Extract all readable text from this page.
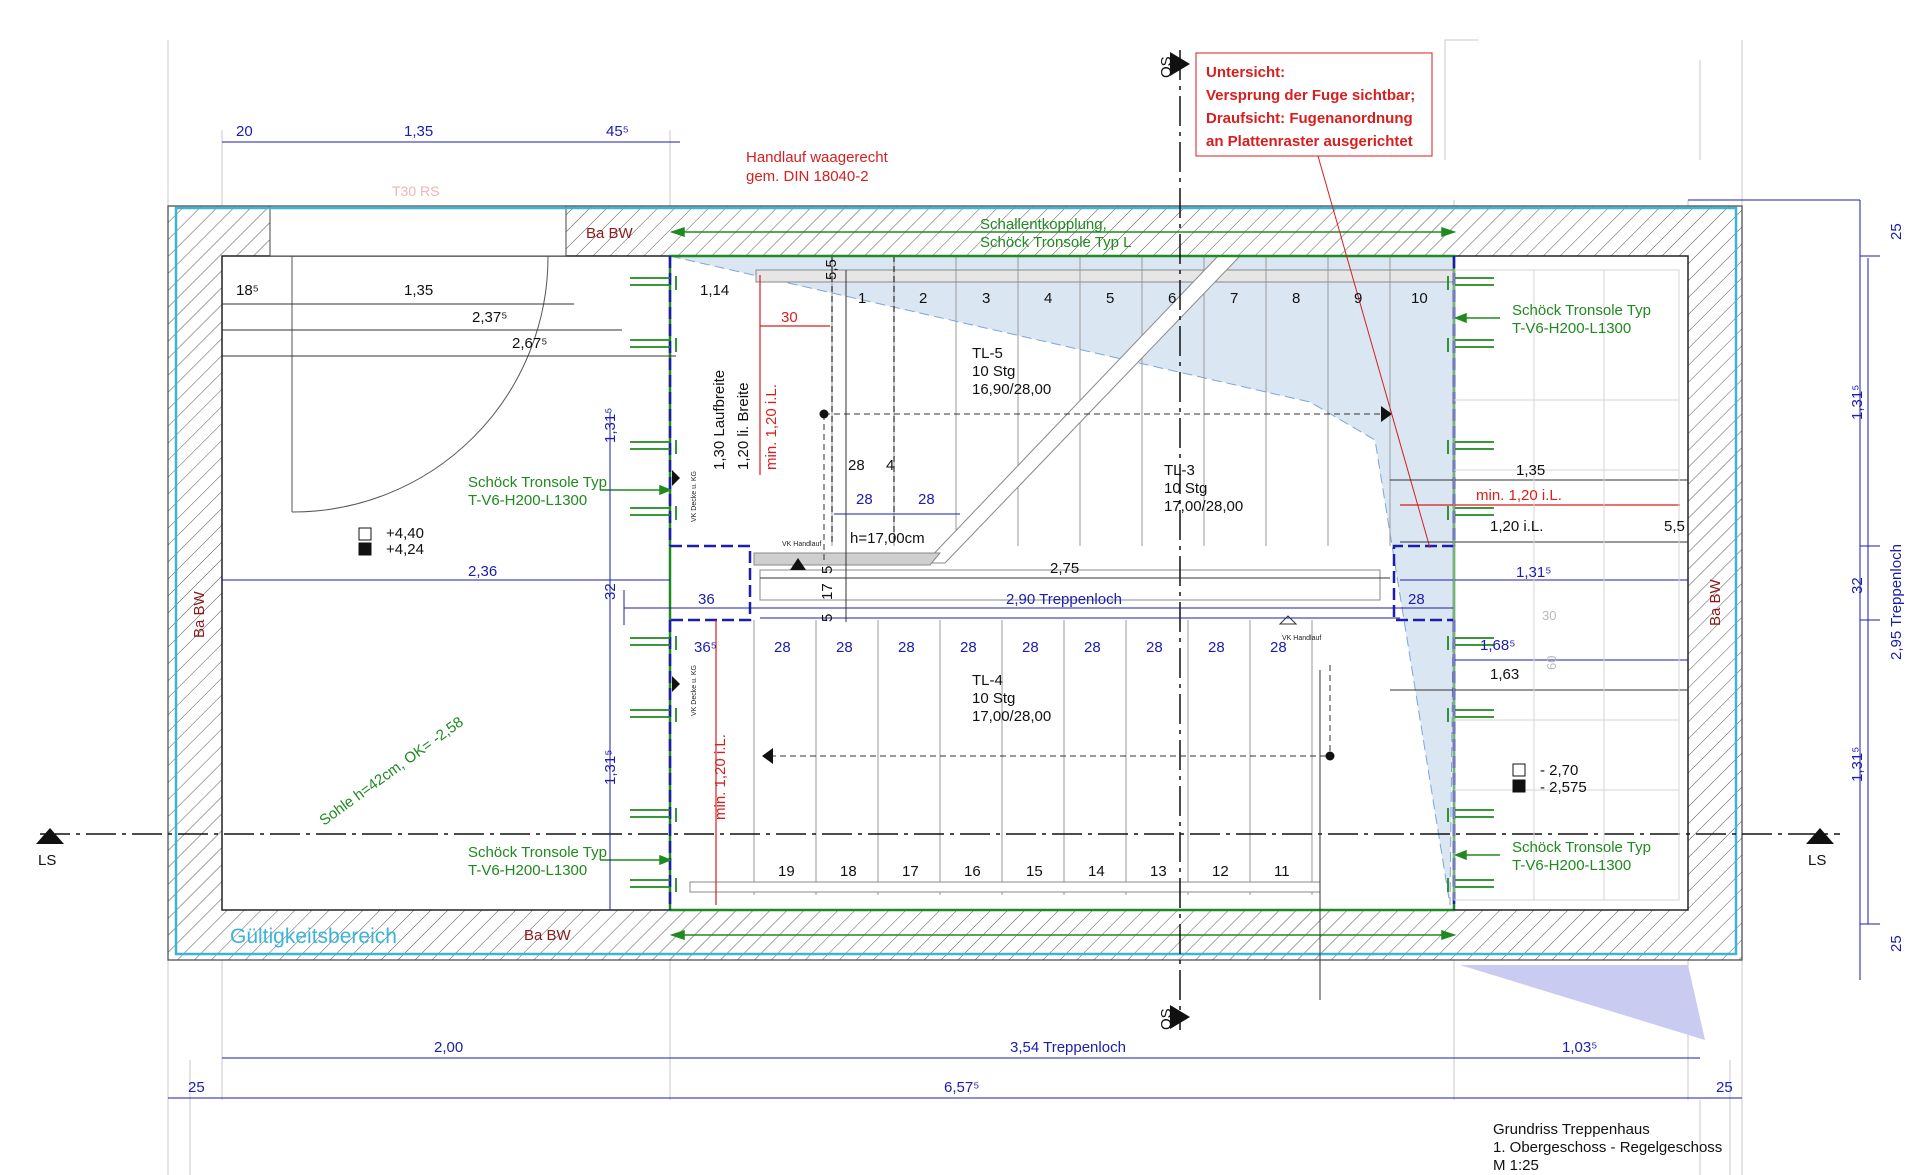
Untersicht:
Versprung der Fuge sichtbar;
Draufsicht: Fugenanordnung
an Plattenraster ausgerichtet
Handlauf waagerecht
gem. DIN 18040-2
T30 RS
Schallentkopplung,
Schöck Tronsole Typ L
Schöck Tronsole Typ
T-V6-H200-L1300
Schöck Tronsole Typ
T-V6-H200-L1300
Schöck Tronsole Typ
T-V6-H200-L1300
Schöck Tronsole Typ
T-V6-H200-L1300
Ba BW
Ba BW
Ba BW	Ba BW
Gültigkeitsbereich
Sohle h=42cm, OK= -2,58
QS
QS
LS	LS
VK Handlauf
VK Handlauf
VK Decke u. KG
VK Decke u. KG
1,30 Laufbreite 1,20 li. Breite min. 1,20 i.L.
min. 1,20 i.L.
h=17,00cm
TL-5
10 Stg
16,90/28,00
TL-3
10 Stg
17,00/28,00
TL-4
10 Stg
17,00/28,00
1	2	3	4	5	6	7	8	9	10
19	18	17	16	15	14	13	12	11
20	1,35	45⁵
18⁵	1,35
2,37⁵
2,67⁵
1,14
30
28 4
28	28
5,5
5
17
5
2,36
36
2,75
2,90 Treppenloch	28
1,31⁵
1,35
min. 1,20 i.L.
1,20 i.L.	5,5
36⁵	28	28	28	28	28	28	28	28	28	1,68⁵
1,63
30
60
+4,40
+4,24
- 2,70
- 2,575
2,00	3,54 Treppenloch	1,03⁵
25	6,57⁵	25
1,31⁵
32
1,31⁵
25
1,31⁵
32 2,95 Treppenloch
1,31⁵
25
Grundriss Treppenhaus
1. Obergeschoss - Regelgeschoss
M 1:25
